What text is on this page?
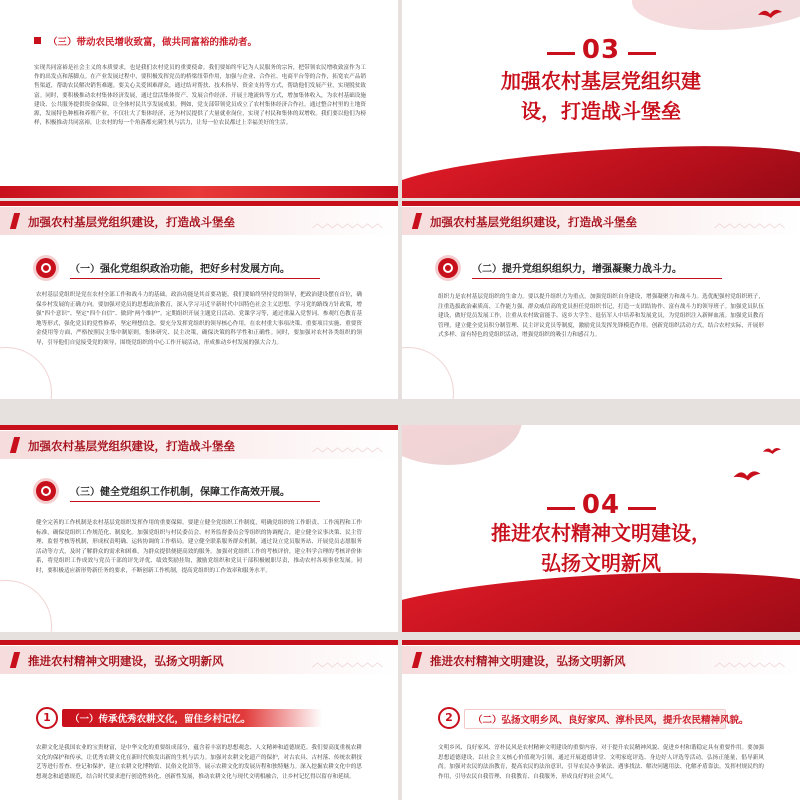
（三）带动农民增收致富，做共同富裕的推动者。
实现共同富裕是社会主义的本质要求，也是我们农村党员的重要使命。我们要始终牢记为人民服务的宗旨，把带领农民增收致富作为工作的出发点和落脚点。在产业发展过程中，要积极发挥党员的桥梁纽带作用，加强与企业、合作社、电商平台等的合作，拓宽农产品销售渠道，帮助农民解决销售难题。要关心关爱困难群众，通过结对帮扶、技术指导、资金支持等方式，帮助他们发展产业，实现脱贫致富。同时，要积极推动农村集体经济发展，通过盘活集体资产、发展合作经济、开展土地流转等方式，增加集体收入，为农村基础设施建设、公共服务提供资金保障，让全体村民共享发展成果。例如，党支部带领党员成立了农村集体经济合作社，通过整合村里的土地资源，发展特色种植和养殖产业，不仅壮大了集体经济，还为村民提供了大量就业岗位，实现了村民和集体的双增收。我们要以他们为榜样，积极推动共同富裕，让农村的每一个角落都充满生机与活力，让每一位农民都过上幸福美好的生活。
03
加强农村基层党组织建
设，打造战斗堡垒
加强农村基层党组织建设，打造战斗堡垒	︿︿︿︿︿︿︿
（一）强化党组织政治功能，把好乡村发展方向。
农村基层党组织是党在农村全部工作和战斗力的基础。政治功能是其首要功能。我们要始终坚持党的领导，把政治建设摆在首位，确保乡村发展的正确方向。要加强对党员的思想政治教育，深入学习习近平新时代中国特色社会主义思想，学习党的路线方针政策，增强“四个意识”、坚定“四个自信”、做到“两个维护”。定期组织开展主题党日活动、党课学习等，通过重温入党誓词、参观红色教育基地等形式，强化党员的党性修养，坚定理想信念。要充分发挥党组织的领导核心作用，在农村重大事项决策、重要项目实施、重要资金使用等方面，严格按照民主集中制原则，集体研究、民主决策，确保决策的科学性和正确性。同时，要加强对农村各类组织的领导，引导他们自觉接受党的领导，围绕党组织的中心工作开展活动，形成推动乡村发展的强大合力。
加强农村基层党组织建设，打造战斗堡垒	︿︿︿︿︿︿︿
（二）提升党组织组织力，增强凝聚力战斗力。
组织力是农村基层党组织的生命力。要以提升组织力为重点，加强党组织自身建设，增强凝聚力和战斗力。选优配强村党组织班子，注重选拔政治素质高、工作能力强、群众威信高的党员担任党组织书记，打造一支团结协作、富有战斗力的领导班子。加强党员队伍建设，做好党员发展工作，注重从农村致富能手、返乡大学生、退伍军人中培养和发展党员，为党组织注入新鲜血液。加强党员教育管理，建立健全党员积分制管理、民主评议党员等制度，激励党员发挥先锋模范作用。创新党组织活动方式，结合农村实际，开展形式多样、富有特色的党组织活动，增强党组织的吸引力和感召力。
加强农村基层党组织建设，打造战斗堡垒	︿︿︿︿︿︿︿
（三）健全党组织工作机制，保障工作高效开展。
健全完善的工作机制是农村基层党组织发挥作用的重要保障。要建立健全党组织工作制度，明确党组织的工作职责、工作流程和工作标准，确保党组织工作规范化、制度化。加强党组织与村民委员会、村务监督委员会等组织的协调配合，建立健全议事决策、民主管理、监督考核等机制，形成权责明确、运转协调的工作格局。建立健全联系服务群众机制，通过设立党员服务站、开展党员志愿服务活动等方式，及时了解群众的需求和困难，为群众提供便捷高效的服务。加强对党组织工作的考核评价，建立科学合理的考核评价体系，将党组织工作成效与党员干部的评先评优、绩效奖励挂钩，激励党组织和党员干部积极履职尽责，推动农村各项事业发展。同时，要积极适应新形势新任务的要求，不断创新工作机制，提高党组织的工作效率和服务水平。
04
推进农村精神文明建设，
弘扬文明新风
推进农村精神文明建设，弘扬文明新风	︿︿︿︿︿︿︿
1	（一）传承优秀农耕文化，留住乡村记忆。
农耕文化是我国农业的宝贵财富，是中华文化的重要组成部分，蕴含着丰富的思想观念、人文精神和道德规范。我们要高度重视农耕文化的保护和传承，让优秀农耕文化在新时代焕发出新的生机与活力。加强对农耕文化遗产的保护，对古农具、古村落、传统农耕技艺等进行普查、登记和保护，建立农耕文化博物馆、民俗文化馆等，展示农耕文化的发展历程和独特魅力。深入挖掘农耕文化中的思想观念和道德规范，结合时代要求进行创造性转化、创新性发展，推动农耕文化与现代文明相融合，让乡村记忆得以留存和延续。
推进农村精神文明建设，弘扬文明新风	︿︿︿︿︿︿︿
2	（二）弘扬文明乡风、良好家风、淳朴民风，提升农民精神风貌。
文明乡风、良好家风、淳朴民风是农村精神文明建设的重要内容，对于提升农民精神风貌、促进乡村和谐稳定具有重要作用。要加强思想道德建设，以社会主义核心价值观为引领，通过开展道德讲堂、文明家庭评选、身边好人评选等活动，弘扬正能量，倡导新风尚。加强对农民的法治教育，提高农民的法治意识，引导农民办事依法、遇事找法、解决问题用法、化解矛盾靠法。发挥村规民约的作用，引导农民自我管理、自我教育、自我服务，形成良好的社会风气。
